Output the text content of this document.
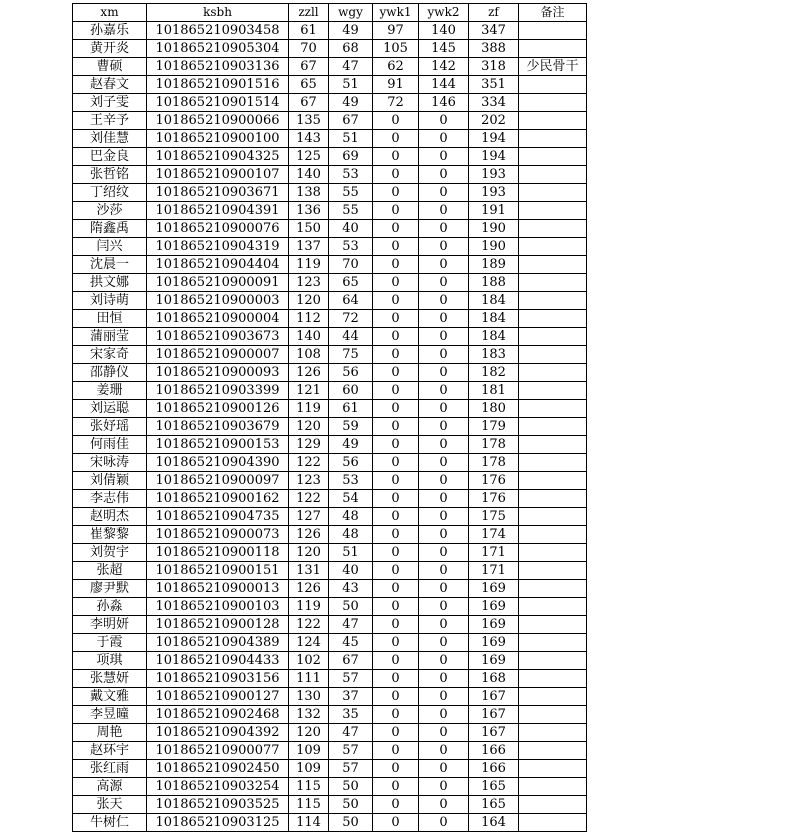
xm	ksbh	zzll	wgy	ywk1	ywk2	zf	备注
孙嘉乐	101865210903458	61	49	97	140	347	
黄开炎	101865210905304	70	68	105	145	388	
曹硕	101865210903136	67	47	62	142	318	少民骨干
赵春文	101865210901516	65	51	91	144	351	
刘子雯	101865210901514	67	49	72	146	334	
王辛予	101865210900066	135	67	0	0	202	
刘佳慧	101865210900100	143	51	0	0	194	
巴金良	101865210904325	125	69	0	0	194	
张哲铭	101865210900107	140	53	0	0	193	
丁绍纹	101865210903671	138	55	0	0	193	
沙莎	101865210904391	136	55	0	0	191	
隋鑫禹	101865210900076	150	40	0	0	190	
闫兴	101865210904319	137	53	0	0	190	
沈晨一	101865210904404	119	70	0	0	189	
拱文娜	101865210900091	123	65	0	0	188	
刘诗萌	101865210900003	120	64	0	0	184	
田恒	101865210900004	112	72	0	0	184	
蒲丽莹	101865210903673	140	44	0	0	184	
宋家奇	101865210900007	108	75	0	0	183	
邵静仪	101865210900093	126	56	0	0	182	
姜珊	101865210903399	121	60	0	0	181	
刘运聪	101865210900126	119	61	0	0	180	
张妤瑶	101865210903679	120	59	0	0	179	
何雨佳	101865210900153	129	49	0	0	178	
宋咏涛	101865210904390	122	56	0	0	178	
刘倩颖	101865210900097	123	53	0	0	176	
李志伟	101865210900162	122	54	0	0	176	
赵明杰	101865210904735	127	48	0	0	175	
崔黎黎	101865210900073	126	48	0	0	174	
刘贺宇	101865210900118	120	51	0	0	171	
张超	101865210900151	131	40	0	0	171	
廖尹默	101865210900013	126	43	0	0	169	
孙淼	101865210900103	119	50	0	0	169	
李明妍	101865210900128	122	47	0	0	169	
于霞	101865210904389	124	45	0	0	169	
项琪	101865210904433	102	67	0	0	169	
张慧妍	101865210903156	111	57	0	0	168	
戴文雅	101865210900127	130	37	0	0	167	
李昱曈	101865210902468	132	35	0	0	167	
周艳	101865210904392	120	47	0	0	167	
赵环宇	101865210900077	109	57	0	0	166	
张红雨	101865210902450	109	57	0	0	166	
高源	101865210903254	115	50	0	0	165	
张天	101865210903525	115	50	0	0	165	
牛树仁	101865210903125	114	50	0	0	164	
